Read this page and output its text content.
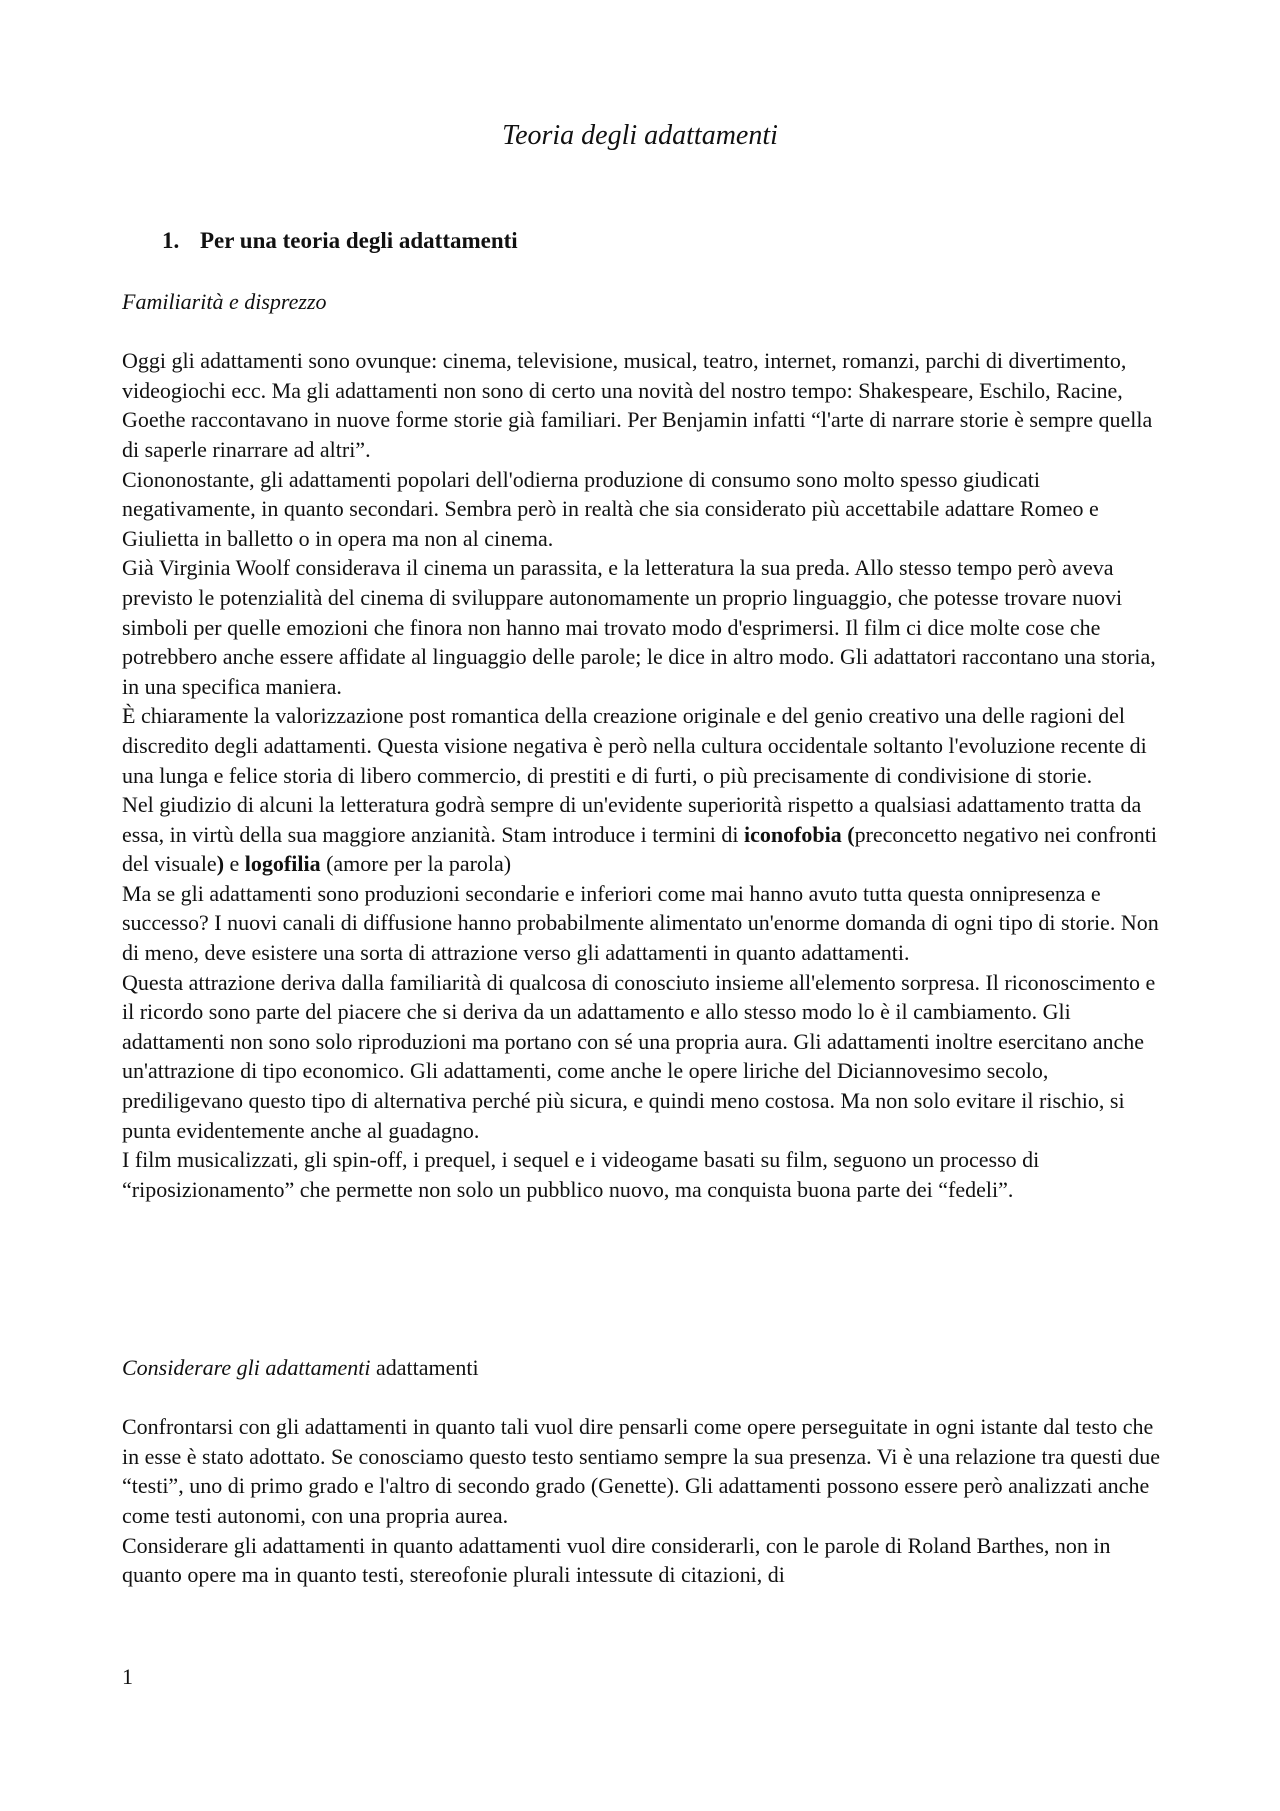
Teoria degli adattamenti
1. Per una teoria degli adattamenti

Familiarità e disprezzo

Oggi gli adattamenti sono ovunque: cinema, televisione, musical, teatro, internet, romanzi, parchi di divertimento, videogiochi ecc. Ma gli adattamenti non sono di certo una novità del nostro tempo: Shakespeare, Eschilo, Racine, Goethe raccontavano in nuove forme storie già familiari. Per Benjamin infatti “l'arte di narrare storie è sempre quella di saperle rinarrare ad altri”.

Ciononostante, gli adattamenti popolari dell'odierna produzione di consumo sono molto spesso giudicati negativamente, in quanto secondari. Sembra però in realtà che sia considerato più accettabile adattare Romeo e Giulietta in balletto o in opera ma non al cinema.

Già Virginia Woolf considerava il cinema un parassita, e la letteratura la sua preda. Allo stesso tempo però aveva previsto le potenzialità del cinema di sviluppare autonomamente un proprio linguaggio, che potesse trovare nuovi simboli per quelle emozioni che finora non hanno mai trovato modo d'esprimersi. Il film ci dice molte cose che potrebbero anche essere affidate al linguaggio delle parole; le dice in altro modo. Gli adattatori raccontano una storia, in una specifica maniera.

È chiaramente la valorizzazione post romantica della creazione originale e del genio creativo una delle ragioni del discredito degli adattamenti. Questa visione negativa è però nella cultura occidentale soltanto l'evoluzione recente di una lunga e felice storia di libero commercio, di prestiti e di furti, o più precisamente di condivisione di storie.

Nel giudizio di alcuni la letteratura godrà sempre di un'evidente superiorità rispetto a qualsiasi adattamento tratta da essa, in virtù della sua maggiore anzianità. Stam introduce i termini di iconofobia (preconcetto negativo nei confronti del visuale) e logofilia (amore per la parola)

Ma se gli adattamenti sono produzioni secondarie e inferiori come mai hanno avuto tutta questa onnipresenza e successo? I nuovi canali di diffusione hanno probabilmente alimentato un'enorme domanda di ogni tipo di storie. Non di meno, deve esistere una sorta di attrazione verso gli adattamenti in quanto adattamenti.

Questa attrazione deriva dalla familiarità di qualcosa di conosciuto insieme all'elemento sorpresa. Il riconoscimento e il ricordo sono parte del piacere che si deriva da un adattamento e allo stesso modo lo è il cambiamento. Gli adattamenti non sono solo riproduzioni ma portano con sé una propria aura. Gli adattamenti inoltre esercitano anche un'attrazione di tipo economico. Gli adattamenti, come anche le opere liriche del Diciannovesimo secolo, prediligevano questo tipo di alternativa perché più sicura, e quindi meno costosa. Ma non solo evitare il rischio, si punta evidentemente anche al guadagno.

I film musicalizzati, gli spin-off, i prequel, i sequel e i videogame basati su film, seguono un processo di “riposizionamento” che permette non solo un pubblico nuovo, ma conquista buona parte dei “fedeli”.

Considerare gli adattamenti adattamenti

Confrontarsi con gli adattamenti in quanto tali vuol dire pensarli come opere perseguitate in ogni istante dal testo che in esse è stato adottato. Se conosciamo questo testo sentiamo sempre la sua presenza. Vi è una relazione tra questi due “testi”, uno di primo grado e l'altro di secondo grado (Genette). Gli adattamenti possono essere però analizzati anche come testi autonomi, con una propria aurea.

Considerare gli adattamenti in quanto adattamenti vuol dire considerarli, con le parole di Roland Barthes, non in quanto opere ma in quanto testi, stereofonie plurali intessute di citazioni, di

1
